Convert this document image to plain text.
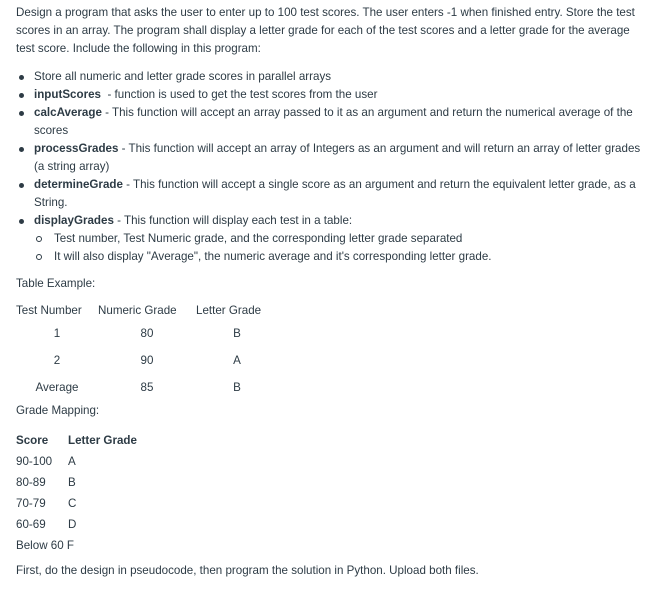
Design a program that asks the user to enter up to 100 test scores. The user enters -1 when finished entry. Store the test scores in an array. The program shall display a letter grade for each of the test scores and a letter grade for the average test score. Include the following in this program:

Store all numeric and letter grade scores in parallel arrays
inputScores  - function is used to get the test scores from the user
calcAverage - This function will accept an array passed to it as an argument and return the numerical average of the scores
processGrades - This function will accept an array of Integers as an argument and will return an array of letter grades (a string array)
determineGrade - This function will accept a single score as an argument and return the equivalent letter grade, as a String.
displayGrades - This function will display each test in a table:
Test number, Test Numeric grade, and the corresponding letter grade separated
It will also display "Average", the numeric average and it's corresponding letter grade.

Table Example:

Test Number	Numeric Grade	Letter Grade
1	80	B
2	90	A
Average	85	B

Grade Mapping:

Score	Letter Grade
90-100	A
80-89	B
70-79	C
60-69	D
Below 60 F	

First, do the design in pseudocode, then program the solution in Python. Upload both files.
